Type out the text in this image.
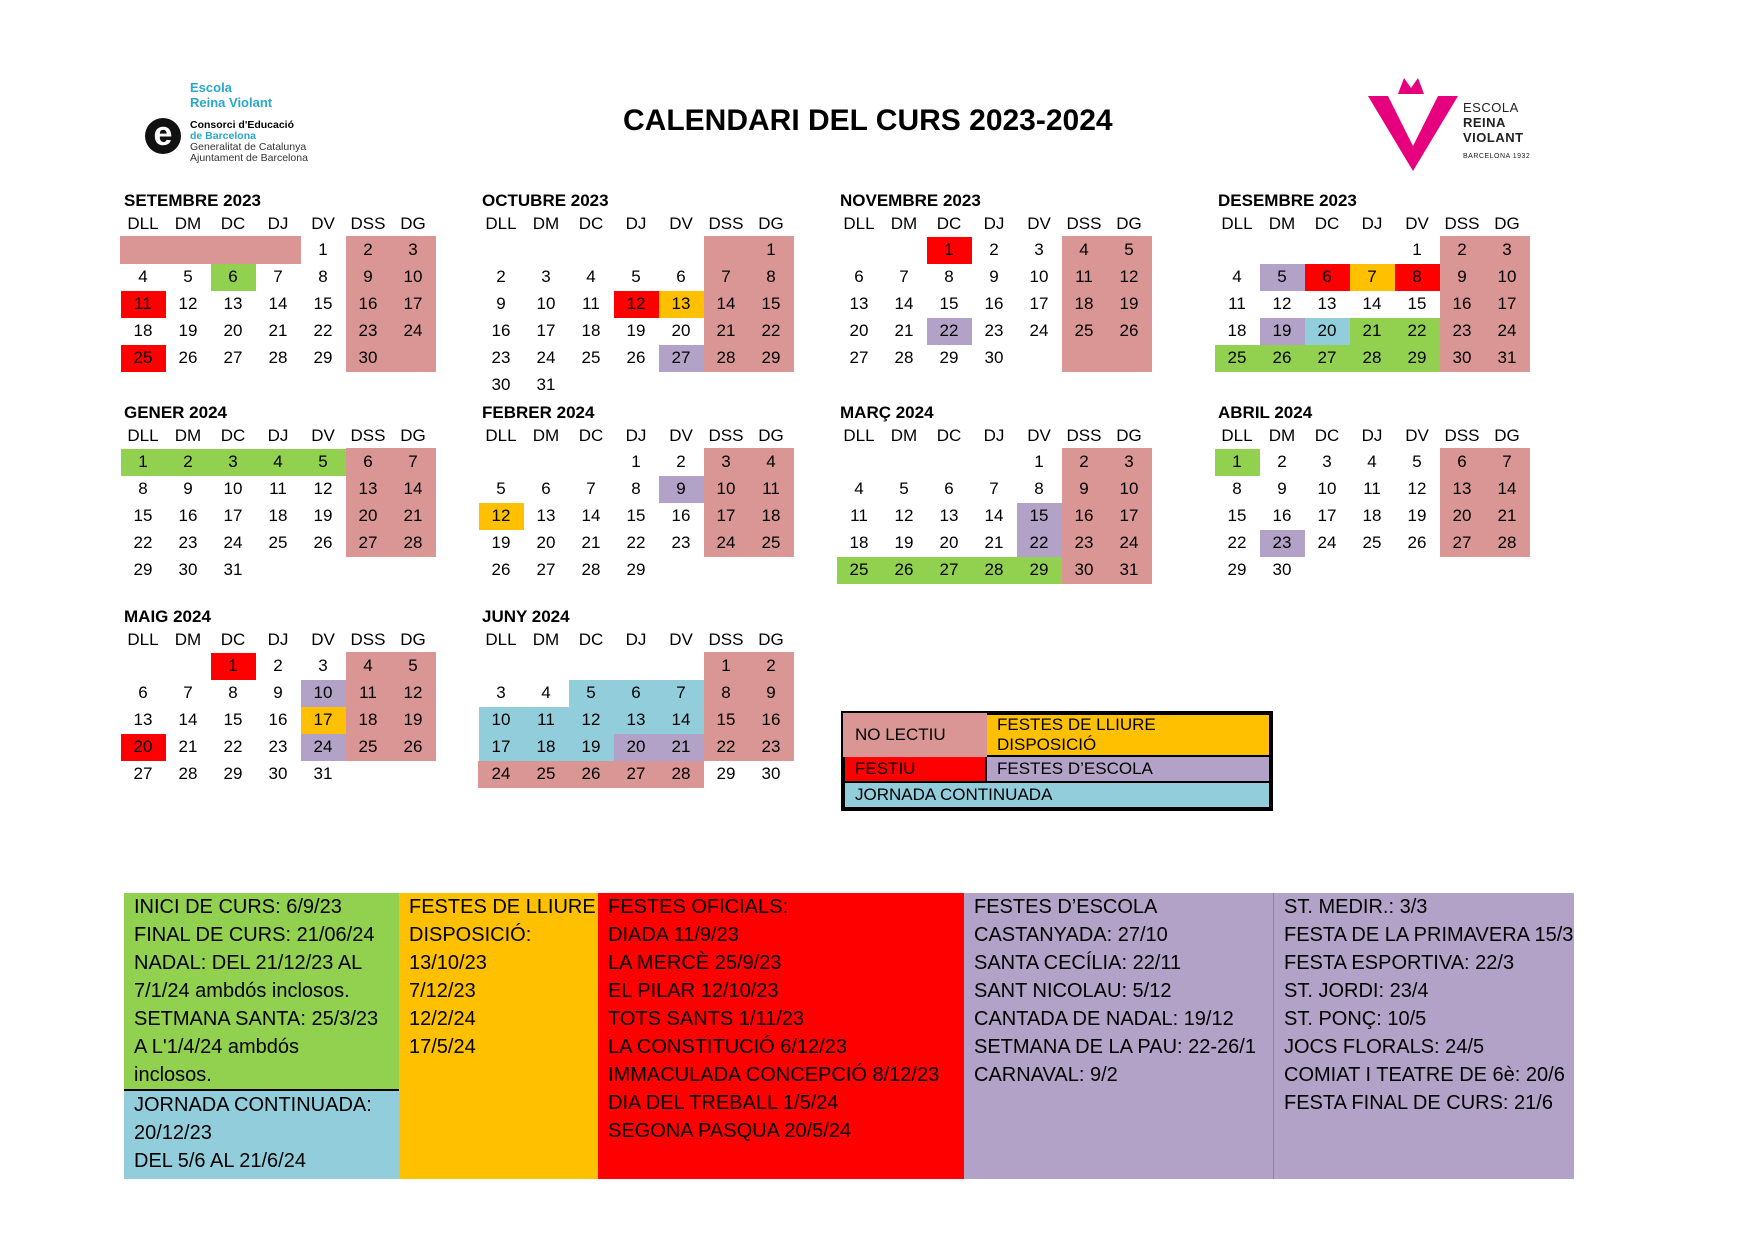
Escola
Reina Violant
e	Consorci d'Educació
de Barcelona
Generalitat de Catalunya
Ajuntament de Barcelona
CALENDARI DEL CURS 2023-2024	ESCOLA
REINA
VIOLANT
BARCELONA 1932
SETEMBRE 2023
DLL	DM	DC	DJ	DV	DSS	DG
				1	2	3
4	5	6	7	8	9	10
11	12	13	14	15	16	17
18	19	20	21	22	23	24
25	26	27	28	29	30	
OCTUBRE 2023
DLL	DM	DC	DJ	DV	DSS	DG
						1
2	3	4	5	6	7	8
9	10	11	12	13	14	15
16	17	18	19	20	21	22
23	24	25	26	27	28	29
30	31					
NOVEMBRE 2023
DLL	DM	DC	DJ	DV	DSS	DG
		1	2	3	4	5
6	7	8	9	10	11	12
13	14	15	16	17	18	19
20	21	22	23	24	25	26
27	28	29	30			
DESEMBRE 2023
DLL	DM	DC	DJ	DV	DSS	DG
				1	2	3
4	5	6	7	8	9	10
11	12	13	14	15	16	17
18	19	20	21	22	23	24
25	26	27	28	29	30	31
GENER 2024
DLL	DM	DC	DJ	DV	DSS	DG
1	2	3	4	5	6	7
8	9	10	11	12	13	14
15	16	17	18	19	20	21
22	23	24	25	26	27	28
29	30	31				
FEBRER 2024
DLL	DM	DC	DJ	DV	DSS	DG
			1	2	3	4
5	6	7	8	9	10	11
12	13	14	15	16	17	18
19	20	21	22	23	24	25
26	27	28	29			
MARÇ 2024
DLL	DM	DC	DJ	DV	DSS	DG
				1	2	3
4	5	6	7	8	9	10
11	12	13	14	15	16	17
18	19	20	21	22	23	24
25	26	27	28	29	30	31
ABRIL 2024
DLL	DM	DC	DJ	DV	DSS	DG
1	2	3	4	5	6	7
8	9	10	11	12	13	14
15	16	17	18	19	20	21
22	23	24	25	26	27	28
29	30					
MAIG 2024
DLL	DM	DC	DJ	DV	DSS	DG
		1	2	3	4	5
6	7	8	9	10	11	12
13	14	15	16	17	18	19
20	21	22	23	24	25	26
27	28	29	30	31		
JUNY 2024
DLL	DM	DC	DJ	DV	DSS	DG
					1	2
3	4	5	6	7	8	9
10	11	12	13	14	15	16
17	18	19	20	21	22	23
24	25	26	27	28	29	30
NO LECTIU	FESTES DE LLIURE DISPOSICIÓ
FESTIU	FESTES D’ESCOLA
JORNADA CONTINUADA	
INICI DE CURS: 6/9/23
FINAL DE CURS: 21/06/24
NADAL: DEL 21/12/23 AL
7/1/24 ambdós inclosos.
SETMANA SANTA: 25/3/23
A L'1/4/24 ambdós
inclosos.
JORNADA CONTINUADA:
20/12/23
DEL 5/6 AL 21/6/24
FESTES DE LLIURE
DISPOSICIÓ:
13/10/23
7/12/23
12/2/24
17/5/24
FESTES OFICIALS:
DIADA 11/9/23
LA MERCÈ 25/9/23
EL PILAR 12/10/23
TOTS SANTS 1/11/23
LA CONSTITUCIÓ 6/12/23
IMMACULADA CONCEPCIÓ 8/12/23
DIA DEL TREBALL 1/5/24
SEGONA PASQUA 20/5/24
FESTES D’ESCOLA
CASTANYADA: 27/10
SANTA CECÍLIA: 22/11
SANT NICOLAU: 5/12
CANTADA DE NADAL: 19/12
SETMANA DE LA PAU: 22-26/1
CARNAVAL: 9/2
ST. MEDIR.: 3/3
FESTA DE LA PRIMAVERA 15/3
FESTA ESPORTIVA: 22/3
ST. JORDI: 23/4
ST. PONÇ: 10/5
JOCS FLORALS: 24/5
COMIAT I TEATRE DE 6è: 20/6
FESTA FINAL DE CURS: 21/6
